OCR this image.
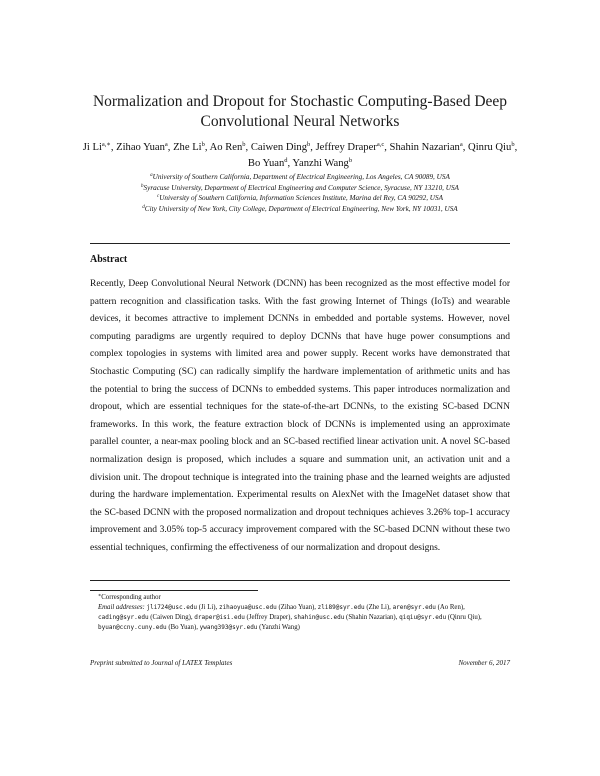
Normalization and Dropout for Stochastic Computing-Based Deep
Convolutional Neural Networks
Ji $Li^{a,∗}$, Zihao Yuan$^a$, Zhe Li$^b$, Ao Ren$^b$, Caiwen Ding$^b$, Jeffrey Draper$^{a,c}$, Shahin Nazarian$^a$, Qinru Qiu$^b$,
Bo Yuan$^d$, Yanzhi Wang$^b$
$^a$University of Southern California, Department of Electrical Engineering, Los Angeles, CA 90089, USA
$^b$Syracuse University, Department of Electrical Engineering and Computer Science, Syracuse, NY 13210, USA
$^c$University of Southern California, Information Sciences Institute, Marina del Rey, CA 90292, USA
$^d$City University of New York, City College, Department of Electrical Engineering, New York, NY 10031, USA
Abstract
Recently, Deep Convolutional Neural Network (DCNN) has been recognized as the most effective model for pattern recognition and classification tasks. With the fast growing Internet of Things (IoTs) and wearable devices, it becomes attractive to implement DCNNs in embedded and portable systems. However, novel computing paradigms are urgently required to deploy DCNNs that have huge power consumptions and complex topologies in systems with limited area and power supply. Recent works have demonstrated that Stochastic Computing (SC) can radically simplify the hardware implementation of arithmetic units and has the potential to bring the success of DCNNs to embedded systems. This paper introduces normalization and dropout, which are essential techniques for the state-of-the-art DCNNs, to the existing SC-based DCNN frameworks. In this work, the feature extraction block of DCNNs is implemented using an approximate parallel counter, a near-max pooling block and an SC-based rectified linear activation unit. A novel SC-based normalization design is proposed, which includes a square and summation unit, an activation unit and a division unit. The dropout technique is integrated into the training phase and the learned weights are adjusted during the hardware implementation. Experimental results on AlexNet with the ImageNet dataset show that the SC-based DCNN with the proposed normalization and dropout techniques achieves 3.26% top-1 accuracy improvement and 3.05% top-5 accuracy improvement compared with the SC-based DCNN without these two essential techniques, confirming the effectiveness of our normalization and dropout designs.
∗Corresponding author
Email addresses: jli724@usc.edu (Ji Li), zihaoyua@usc.edu (Zihao Yuan), zli89@syr.edu (Zhe Li), aren@syr.edu (Ao Ren), cading@syr.edu (Caiwen Ding), draper@isi.edu (Jeffrey Draper), shahin@usc.edu (Shahin Nazarian), qiqiu@syr.edu (Qinru Qiu), byuan@ccny.cuny.edu (Bo Yuan), ywang393@syr.edu (Yanzhi Wang)
Preprint submitted to Journal of LATEX Templates	November 6, 2017
